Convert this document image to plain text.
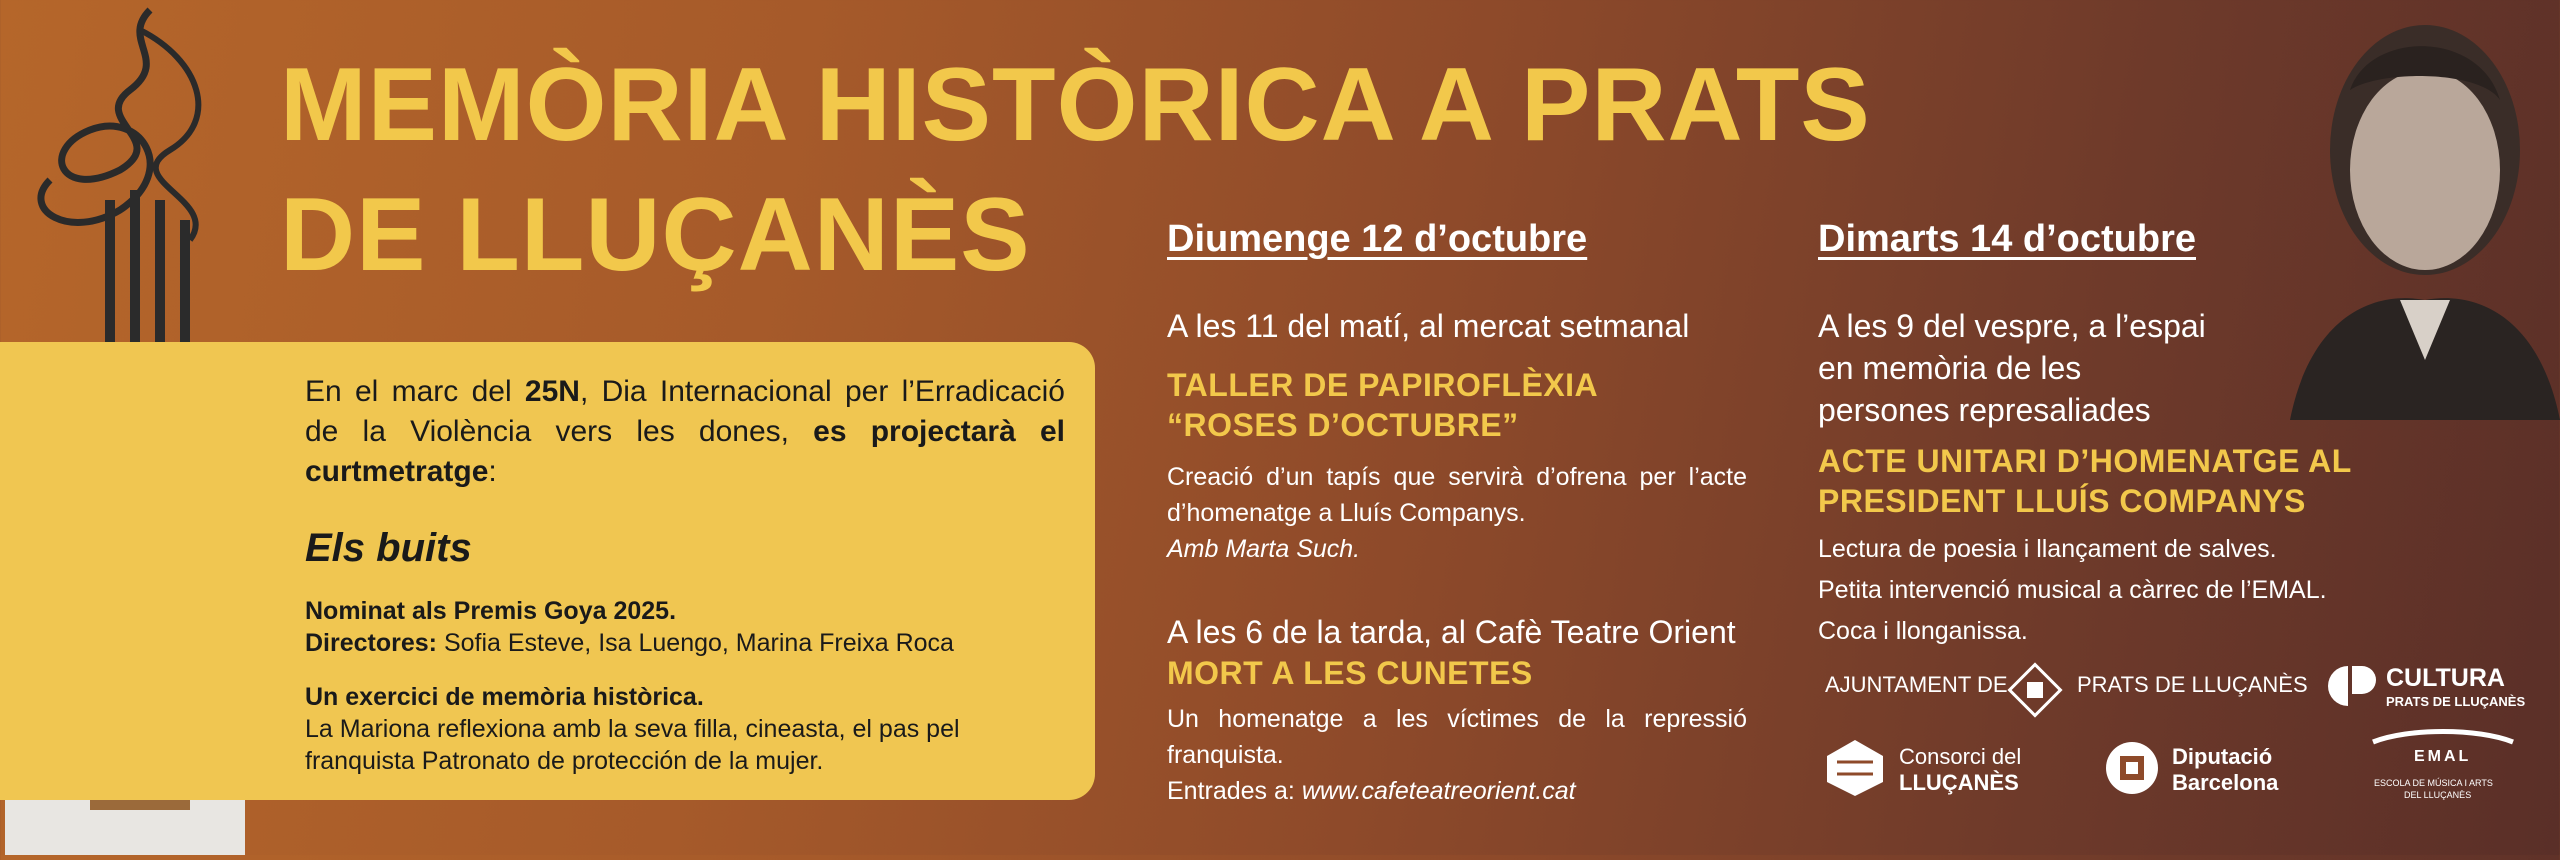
MEMÒRIA HISTÒRICA A PRATS
DE LLUÇANÈS

En el marc del 25N, Dia Internacional per l’Erradicació de la Violència vers les dones, es projectarà el curtmetratge:

Els buits

Nominat als Premis Goya 2025.
Directores: Sofia Esteve, Isa Luengo, Marina Freixa Roca

Un exercici de memòria històrica.
La Mariona reflexiona amb la seva filla, cineasta, el pas pel franquista Patronato de protección de la mujer.

Diumenge 12 d’octubre
A les 11 del matí, al mercat setmanal
TALLER DE PAPIROFLÈXIA
“ROSES D’OCTUBRE”
Creació d’un tapís que servirà d’ofrena per l’acte d’homenatge a Lluís Companys.
Amb Marta Such.
A les 6 de la tarda, al Cafè Teatre Orient
MORT A LES CUNETES
Un homenatge a les víctimes de la repressió franquista.
Entrades a: www.cafeteatreorient.cat
Dimarts 14 d’octubre
A les 9 del vespre, a l’espai
en memòria de les
persones represaliades
ACTE UNITARI D’HOMENATGE AL
PRESIDENT LLUÍS COMPANYS
Lectura de poesia i llançament de salves.
Petita intervenció musical a càrrec de l’EMAL.
Coca i llonganissa.
AJUNTAMENT DE	PRATS DE LLUÇANÈS	CULTURA
PRATS DE LLUÇANÈS
Consorci del
LLUÇANÈS
Diputació
Barcelona
EMAL
ESCOLA DE MÚSICA I ARTS
DEL LLUÇANÈS
